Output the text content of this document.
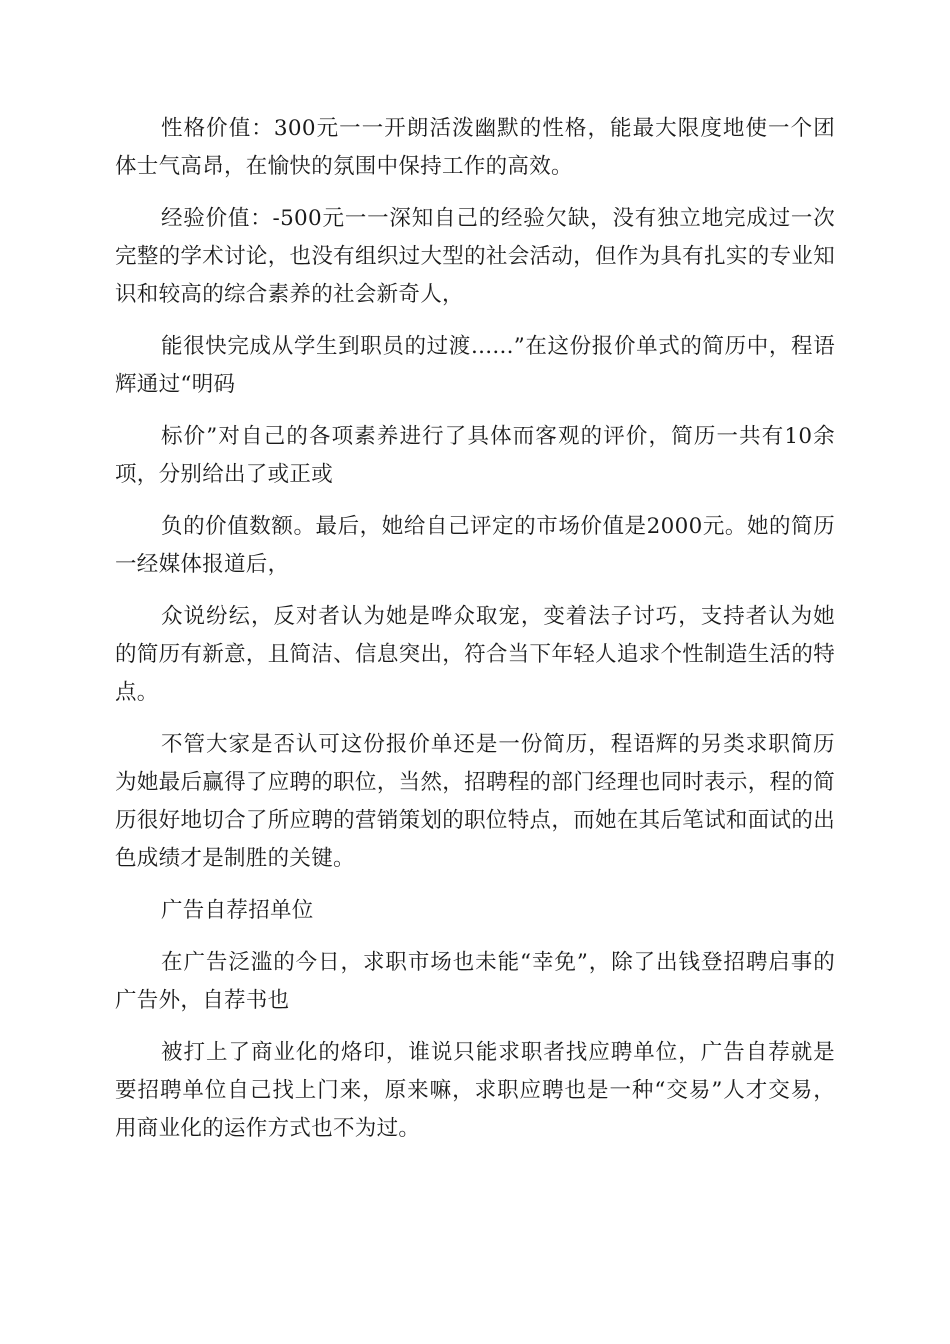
性格价值：300元一一开朗活泼幽默的性格，能最大限度地使一个团体士气高昂，在愉快的氛围中保持工作的高效。

经验价值：-500元一一深知自己的经验欠缺，没有独立地完成过一次完整的学术讨论，也没有组织过大型的社会活动，但作为具有扎实的专业知识和较高的综合素养的社会新奇人，

能很快完成从学生到职员的过渡......”在这份报价单式的简历中，程语辉通过“明码

标价”对自己的各项素养进行了具体而客观的评价，简历一共有10余项，分别给出了或正或

负的价值数额。最后，她给自己评定的市场价值是2000元。她的简历一经媒体报道后，

众说纷纭，反对者认为她是哗众取宠，变着法子讨巧，支持者认为她的简历有新意，且简洁、信息突出，符合当下年轻人追求个性制造生活的特点。

不管大家是否认可这份报价单还是一份简历，程语辉的另类求职简历为她最后赢得了应聘的职位，当然，招聘程的部门经理也同时表示，程的简历很好地切合了所应聘的营销策划的职位特点，而她在其后笔试和面试的出色成绩才是制胜的关键。

广告自荐招单位

在广告泛滥的今日，求职市场也未能“幸免”，除了出钱登招聘启事的广告外，自荐书也

被打上了商业化的烙印，谁说只能求职者找应聘单位，广告自荐就是要招聘单位自己找上门来，原来嘛，求职应聘也是一种“交易”人才交易，用商业化的运作方式也不为过。
